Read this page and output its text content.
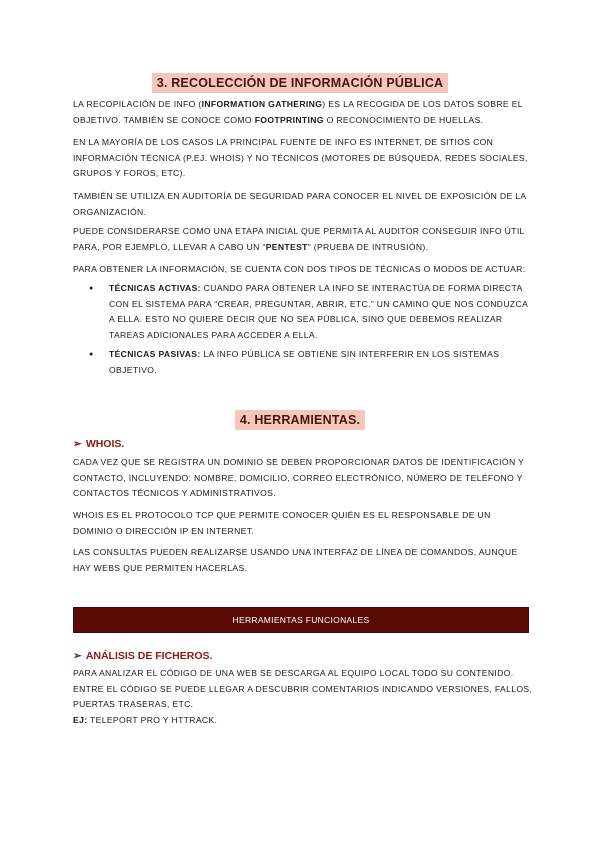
3. RECOLECCIÓN DE INFORMACIÓN PÚBLICA

LA RECOPILACIÓN DE INFO (INFORMATION GATHERING) ES LA RECOGIDA DE LOS DATOS SOBRE EL OBJETIVO. TAMBIÉN SE CONOCE COMO FOOTPRINTING O RECONOCIMIENTO DE HUELLAS.

EN LA MAYORÍA DE LOS CASOS LA PRINCIPAL FUENTE DE INFO ES INTERNET, DE SITIOS CON INFORMACIÓN TÉCNICA (P.EJ. WHOIS) Y NO TÉCNICOS (MOTORES DE BÚSQUEDA, REDES SOCIALES, GRUPOS Y FOROS, ETC).

TAMBIÉN SE UTILIZA EN AUDITORÍA DE SEGURIDAD PARA CONOCER EL NIVEL DE EXPOSICIÓN DE LA ORGANIZACIÓN.

PUEDE CONSIDERARSE COMO UNA ETAPA INICIAL QUE PERMITA AL AUDITOR CONSEGUIR INFO ÚTIL PARA, POR EJEMPLO, LLEVAR A CABO UN “PENTEST” (PRUEBA DE INTRUSIÓN).

PARA OBTENER LA INFORMACIÓN, SE CUENTA CON DOS TIPOS DE TÉCNICAS O MODOS DE ACTUAR:

● TÉCNICAS ACTIVAS: CUANDO PARA OBTENER LA INFO SE INTERACTÚA DE FORMA DIRECTA CON EL SISTEMA PARA “CREAR, PREGUNTAR, ABRIR, ETC.” UN CAMINO QUE NOS CONDUZCA A ELLA. ESTO NO QUIERE DECIR QUE NO SEA PÚBLICA, SINO QUE DEBEMOS REALIZAR TAREAS ADICIONALES PARA ACCEDER A ELLA.
● TÉCNICAS PASIVAS: LA INFO PÚBLICA SE OBTIENE SIN INTERFERIR EN LOS SISTEMAS OBJETIVO.
4. HERRAMIENTAS.
➢ WHOIS.

CADA VEZ QUE SE REGISTRA UN DOMINIO SE DEBEN PROPORCIONAR DATOS DE IDENTIFICACIÓN Y CONTACTO, INCLUYENDO: NOMBRE, DOMICILIO, CORREO ELECTRÓNICO, NÚMERO DE TELÉFONO Y CONTACTOS TÉCNICOS Y ADMINISTRATIVOS.

WHOIS ES EL PROTOCOLO TCP QUE PERMITE CONOCER QUIÉN ES EL RESPONSABLE DE UN DOMINIO O DIRECCIÓN IP EN INTERNET.

LAS CONSULTAS PUEDEN REALIZARSE USANDO UNA INTERFAZ DE LÍNEA DE COMANDOS, AUNQUE HAY WEBS QUE PERMITEN HACERLAS.

HERRAMIENTAS FUNCIONALES
➢ ANÁLISIS DE FICHEROS.

PARA ANALIZAR EL CÓDIGO DE UNA WEB SE DESCARGA AL EQUIPO LOCAL TODO SU CONTENIDO. ENTRE EL CÓDIGO SE PUEDE LLEGAR A DESCUBRIR COMENTARIOS INDICANDO VERSIONES, FALLOS, PUERTAS TRASERAS, ETC.

EJ: TELEPORT PRO Y HTTRACK.
